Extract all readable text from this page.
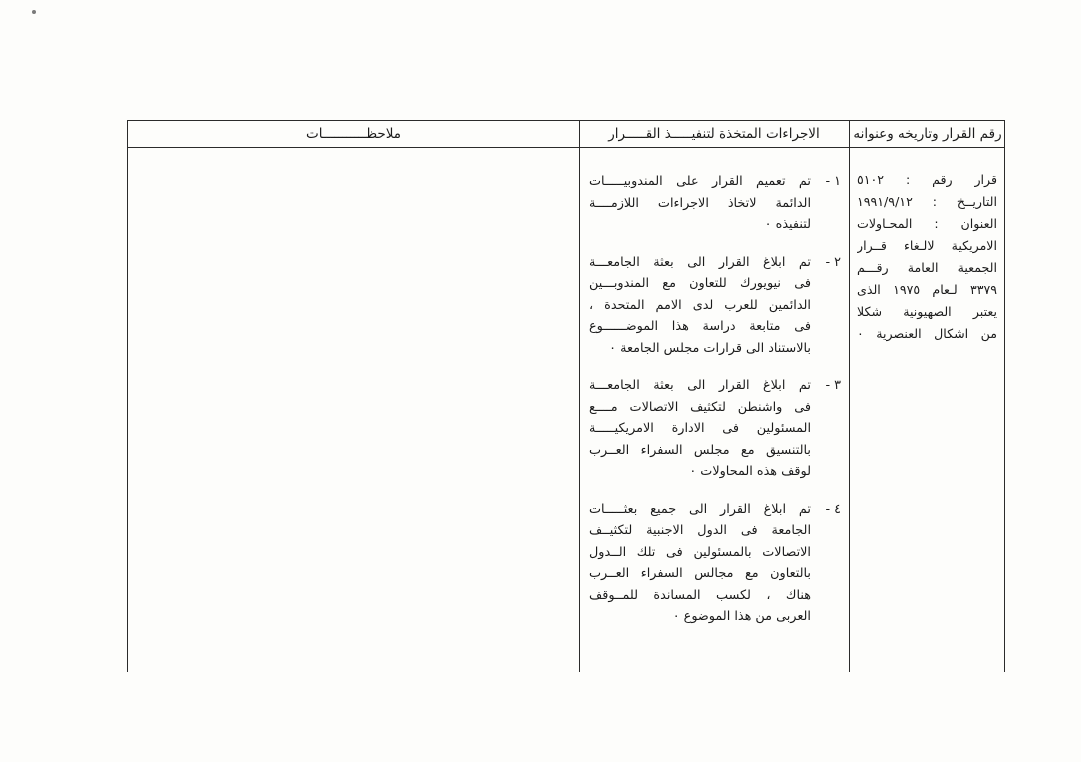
ملاحظـــــــــــات	الاجراءات المتخذة لتنفيـــــذ القـــــرار	رقم القرار وتاريخه وعنوانه
قرار رقم : ٥١٠٢
التاريــخ : ١٩٩١/٩/١٢
العنوان : المحـاولات
الامريكية لالـغاء قــرار
الجمعية العامة رقـــم
٣٣٧٩ لـعام ١٩٧٥ الذى
يعتبر الصهيونية شكلا
من اشكال العنصرية ٠
١ -
تم تعميم القرار على المندوبيـــــات
الدائمة لاتخاذ الاجراءات اللازمــــة
لتنفيذه ٠
٢ -
تم ابلاغ القرار الى بعثة الجامعـــة
فى نيويورك للتعاون مع المندوبـــين
الدائمين للعرب لدى الامم المتحدة ،
فى متابعة دراسة هذا الموضــــــوع
بالاستناد الى قرارات مجلس الجامعة ٠
٣ -
تم ابلاغ القرار الى بعثة الجامعـــة
فى واشنطن لتكثيف الاتصالات مــــع
المسئولين فى الادارة الامريكيـــــة
بالتنسيق مع مجلس السفراء العــرب
لوقف هذه المحاولات ٠
٤ -
تم ابلاغ القرار الى جميع بعثـــــات
الجامعة فى الدول الاجنبية لتكثيــف
الاتصالات بالمسئولين فى تلك الــدول
بالتعاون مع مجالس السفراء العــرب
هناك ، لكسب المساندة للمــوقف
العربى من هذا الموضوع ٠
